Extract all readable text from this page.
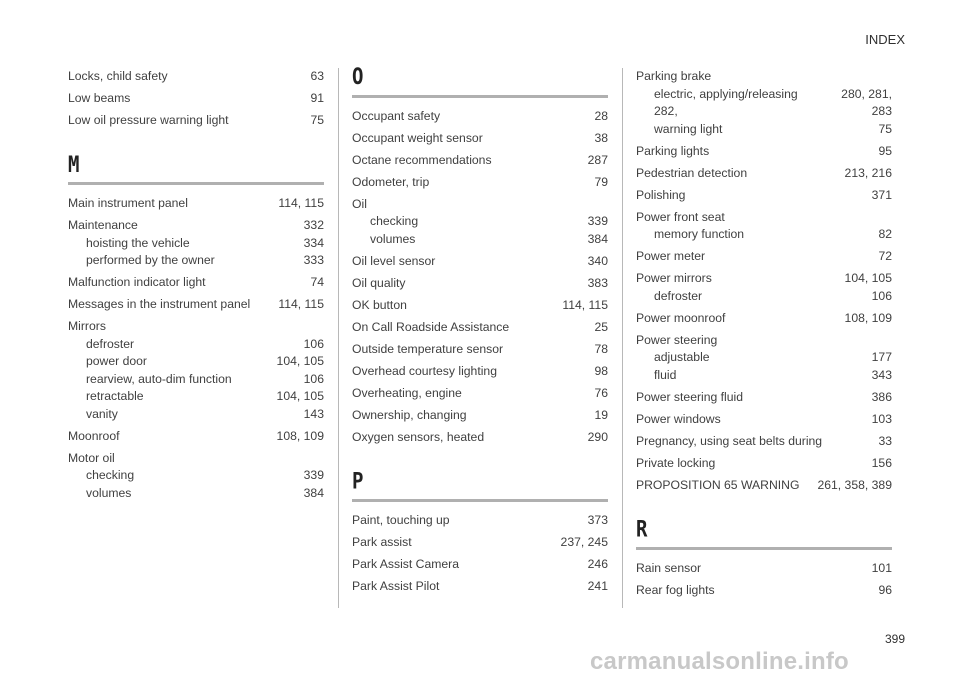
INDEX
Locks, child safety	63
Low beams	91
Low oil pressure warning light	75
M
Main instrument panel	114, 115
Maintenance	332
hoisting the vehicle	334
performed by the owner	333
Malfunction indicator light	74
Messages in the instrument panel	114, 115
Mirrors
defroster	106
power door	104, 105
rearview, auto-dim function	106
retractable	104, 105
vanity	143
Moonroof	108, 109
Motor oil
checking	339
volumes	384
O
Occupant safety	28
Occupant weight sensor	38
Octane recommendations	287
Odometer, trip	79
Oil
checking	339
volumes	384
Oil level sensor	340
Oil quality	383
OK button	114, 115
On Call Roadside Assistance	25
Outside temperature sensor	78
Overhead courtesy lighting	98
Overheating, engine	76
Ownership, changing	19
Oxygen sensors, heated	290
P
Paint, touching up	373
Park assist	237, 245
Park Assist Camera	246
Park Assist Pilot	241
Parking brake
electric, applying/releasing	280, 281,
282,	283
warning light	75
Parking lights	95
Pedestrian detection	213, 216
Polishing	371
Power front seat
memory function	82
Power meter	72
Power mirrors	104, 105
defroster	106
Power moonroof	108, 109
Power steering
adjustable	177
fluid	343
Power steering fluid	386
Power windows	103
Pregnancy, using seat belts during	33
Private locking	156
PROPOSITION 65 WARNING	261, 358, 389
R
Rain sensor	101
Rear fog lights	96
399
carmanualsonline.info
